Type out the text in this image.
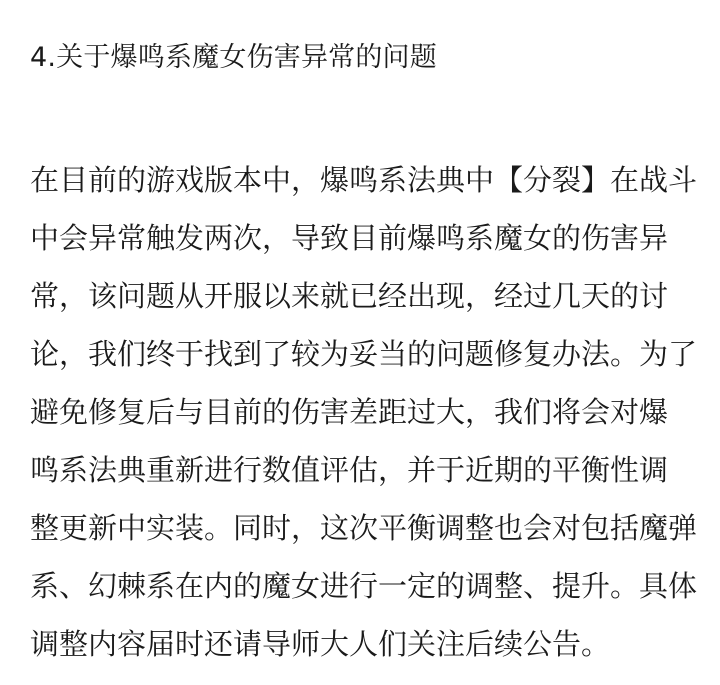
4.关于爆鸣系魔女伤害异常的问题
在目前的游戏版本中，爆鸣系法典中【分裂】在战斗
中会异常触发两次，导致目前爆鸣系魔女的伤害异
常，该问题从开服以来就已经出现，经过几天的讨
论，我们终于找到了较为妥当的问题修复办法。为了
避免修复后与目前的伤害差距过大，我们将会对爆
鸣系法典重新进行数值评估，并于近期的平衡性调
整更新中实装。同时，这次平衡调整也会对包括魔弹
系、幻棘系在内的魔女进行一定的调整、提升。具体
调整内容届时还请导师大人们关注后续公告。
